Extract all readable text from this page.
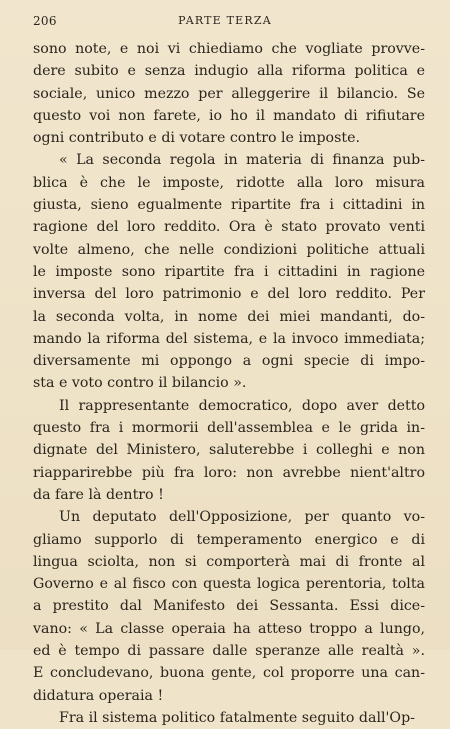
206	PARTE TERZA
sono note, e noi vi chiediamo che vogliate provve-
dere subito e senza indugio alla riforma politica e
sociale, unico mezzo per alleggerire il bilancio. Se
questo voi non farete, io ho il mandato di rifiutare
ogni contributo e di votare contro le imposte.
« La seconda regola in materia di finanza pub-
blica è che le imposte, ridotte alla loro misura
giusta, sieno egualmente ripartite fra i cittadini in
ragione del loro reddito. Ora è stato provato venti
volte almeno, che nelle condizioni politiche attuali
le imposte sono ripartite fra i cittadini in ragione
inversa del loro patrimonio e del loro reddito. Per
la seconda volta, in nome dei miei mandanti, do-
mando la riforma del sistema, e la invoco immediata;
diversamente mi oppongo a ogni specie di impo-
sta e voto contro il bilancio ».
Il rappresentante democratico, dopo aver detto
questo fra i mormorii dell'assemblea e le grida in-
dignate del Ministero, saluterebbe i colleghi e non
riapparirebbe più fra loro: non avrebbe nient'altro
da fare là dentro !
Un deputato dell'Opposizione, per quanto vo-
gliamo supporlo di temperamento energico e di
lingua sciolta, non si comporterà mai di fronte al
Governo e al fisco con questa logica perentoria, tolta
a prestito dal Manifesto dei Sessanta. Essi dice-
vano: « La classe operaia ha atteso troppo a lungo,
ed è tempo di passare dalle speranze alle realtà ».
E concludevano, buona gente, col proporre una can-
didatura operaia !
Fra il sistema politico fatalmente seguito dall'Op-
